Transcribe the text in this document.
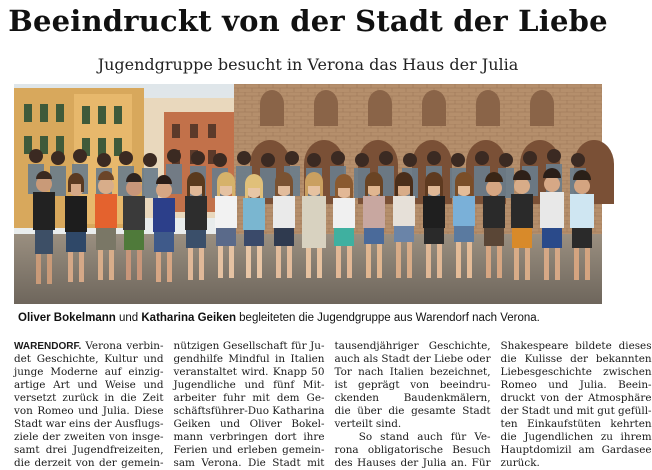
Beeindruckt von der Stadt der Liebe
Jugendgruppe besucht in Verona das Haus der Julia
Oliver Bokelmann und Katharina Geiken begleiteten die Jugendgruppe aus Warendorf nach Verona.
WARENDORF. Verona verbin-
det Geschichte, Kultur und
junge Moderne auf einzig-
artige Art und Weise und
versetzt zurück in die Zeit
von Romeo und Julia. Diese
Stadt war eins der Ausflugs-
ziele der zweiten von insge-
samt drei Jugendfreizeiten,
die derzeit von der gemein-
nützigen Gesellschaft für Ju-
gendhilfe Mindful in Italien
veranstaltet wird. Knapp 50
Jugendliche und fünf Mit-
arbeiter fuhr mit dem Ge-
schäftsführer-Duo Katharina
Geiken und Oliver Bokel-
mann verbringen dort ihre
Ferien und erleben gemein-
sam Verona. Die Stadt mit
tausendjähriger Geschichte,
auch als Stadt der Liebe oder
Tor nach Italien bezeichnet,
ist geprägt von beeindru-
ckenden Baudenkmälern,
die über die gesamte Stadt
verteilt sind.
So stand auch für Ve-
rona obligatorische Besuch
des Hauses der Julia an. Für
Shakespeare bildete dieses
die Kulisse der bekannten
Liebesgeschichte zwischen
Romeo und Julia. Beein-
druckt von der Atmosphäre
der Stadt und mit gut gefüll-
ten Einkaufstüten kehrten
die Jugendlichen zu ihrem
Hauptdomizil am Gardasee
zurück.
